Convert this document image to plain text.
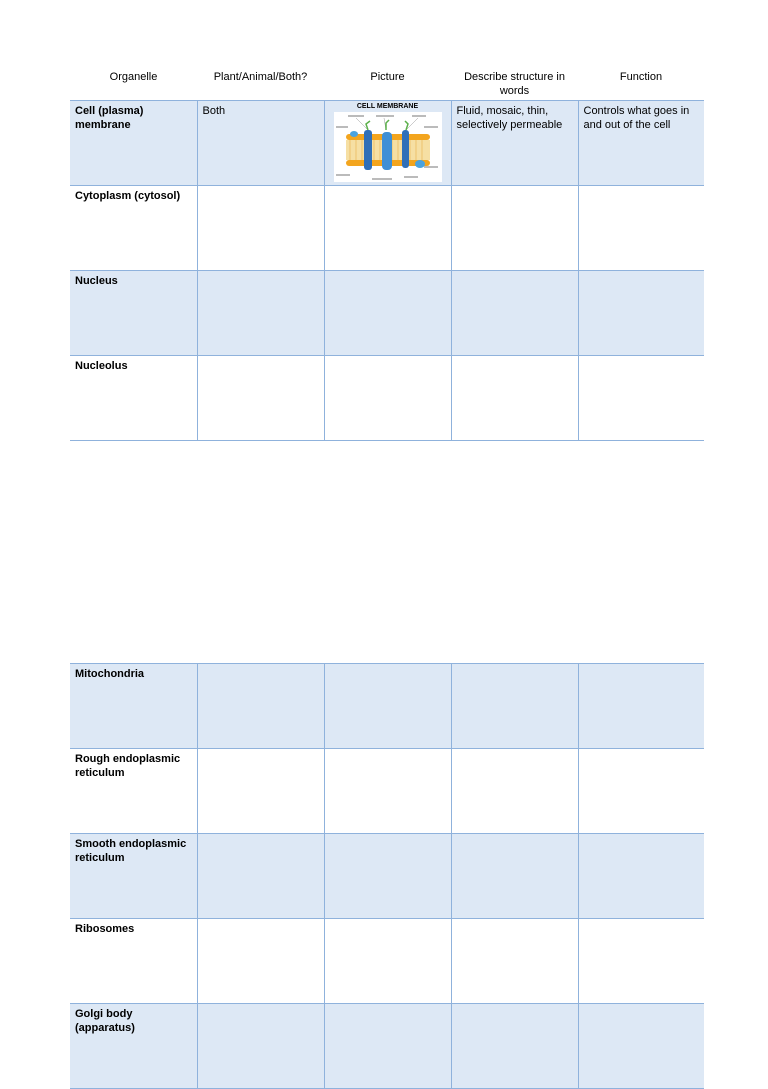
Organelle	Plant/Animal/Both?	Picture	Describe structure in words	Function
Cell (plasma) membrane	Both	CELL MEMBRANE	Fluid, mosaic, thin, selectively permeable	Controls what goes in and out of the cell
Cytoplasm (cytosol)				
Nucleus				
Nucleolus				
Mitochondria				
Rough endoplasmic reticulum				
Smooth endoplasmic reticulum				
Ribosomes				
Golgi body (apparatus)				
